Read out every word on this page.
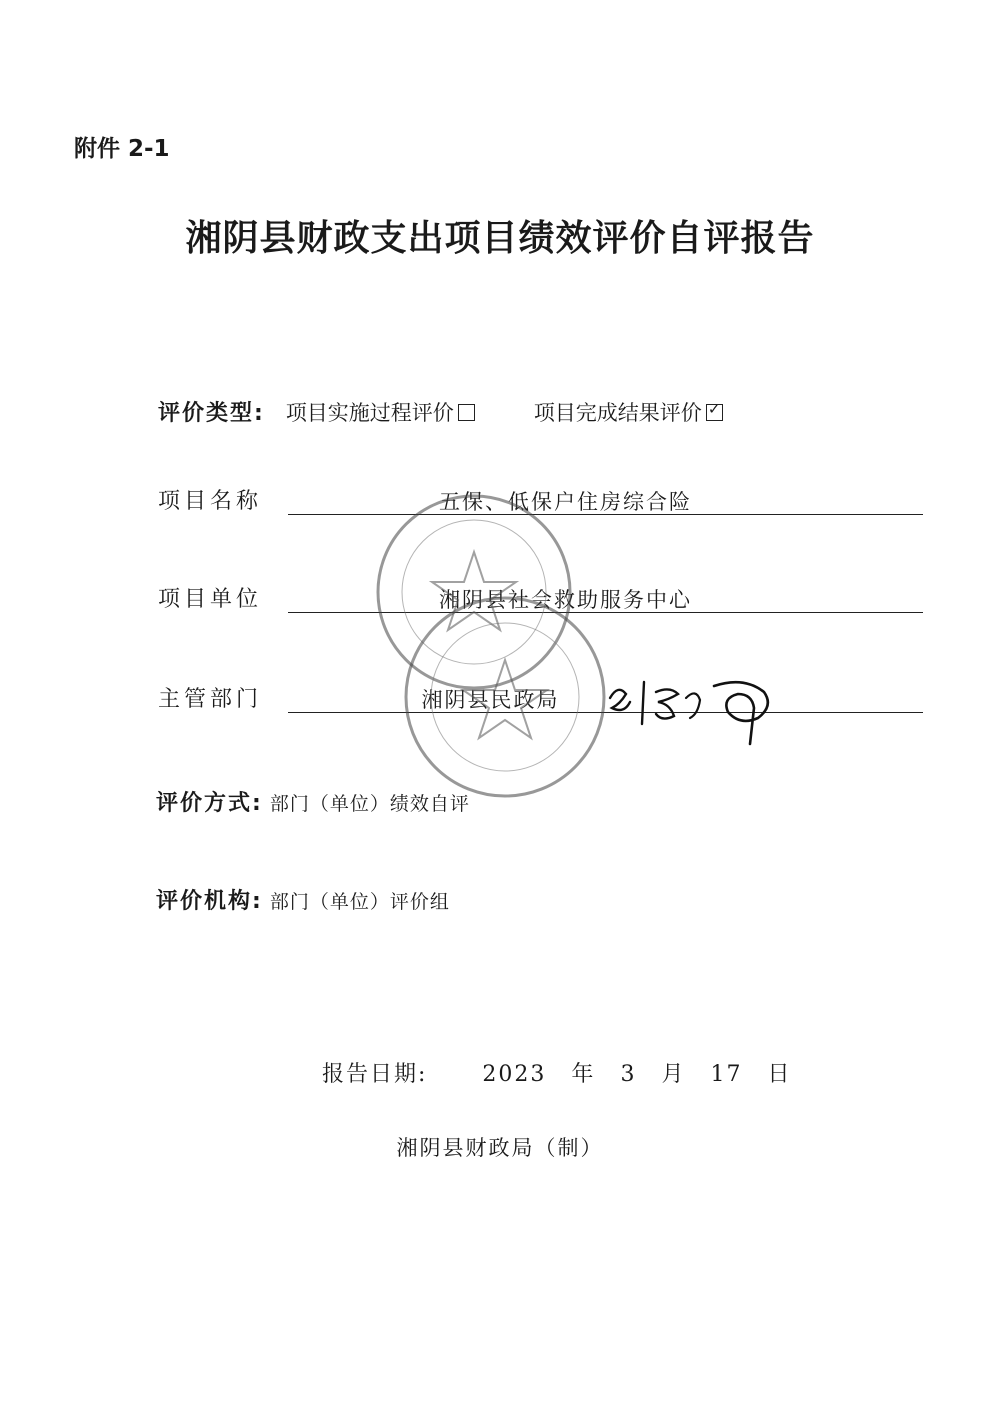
附件 2-1
湘阴县财政支出项目绩效评价自评报告
评价类型: 项目实施过程评价	项目完成结果评价✓
项目名称	五保、低保户住房综合险
项目单位	湘阴县社会救助服务中心
主管部门	湘阴县民政局
评价方式: 部门（单位）绩效自评
评价机构: 部门（单位）评价组
报告日期:	2023 年 3 月 17 日
湘阴县财政局（制）
